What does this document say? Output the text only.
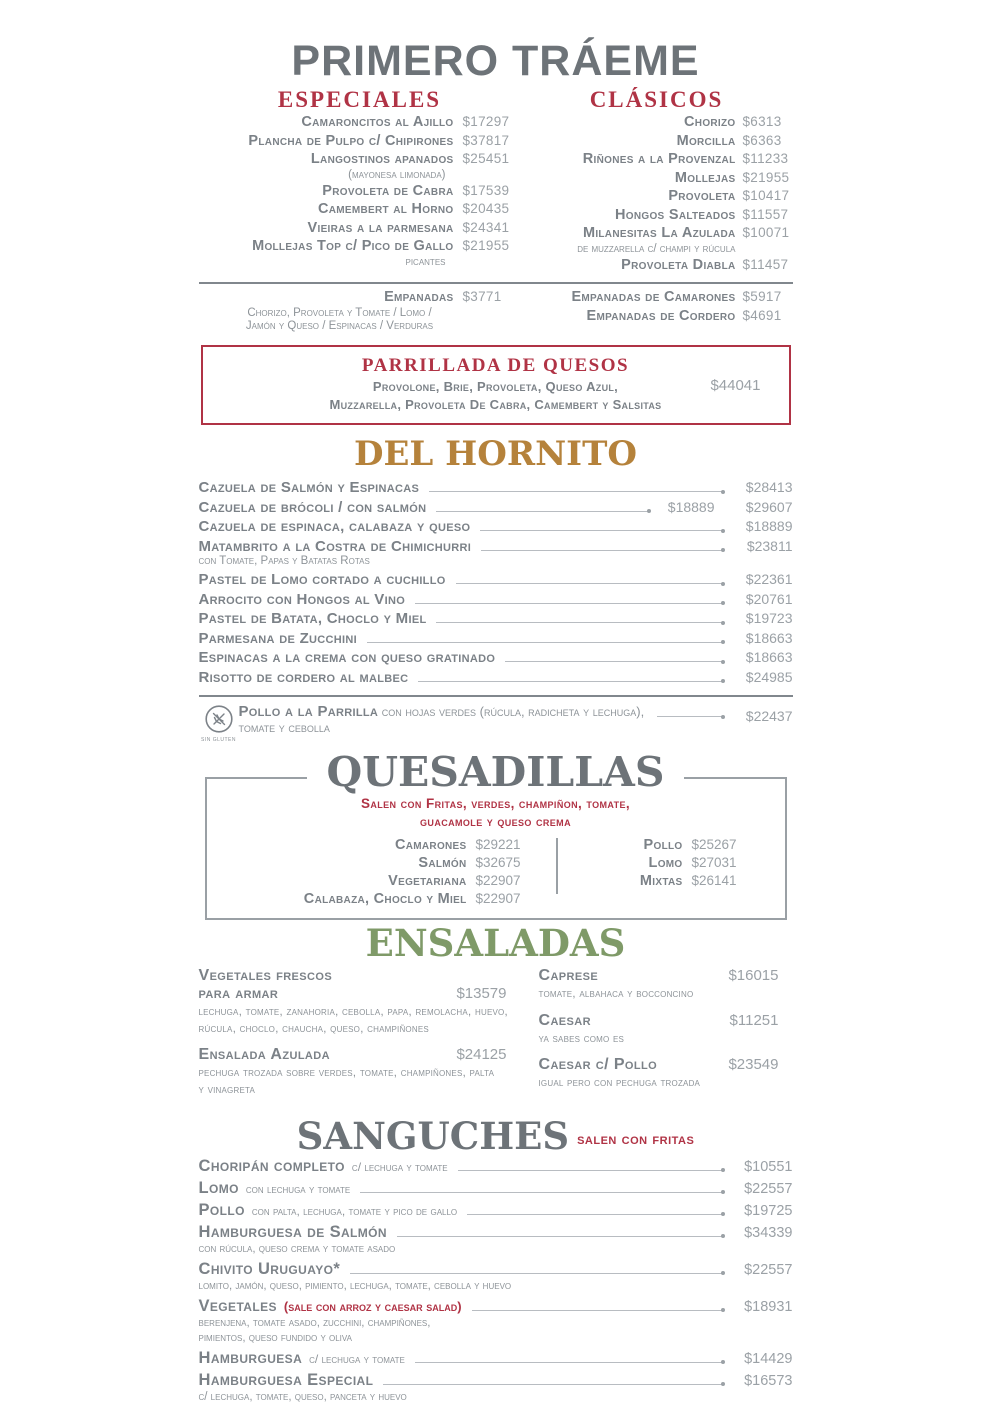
PRIMERO TRÁEME
ESPECIALES	CLÁSICOS
Camaroncitos al Ajillo $17297
Plancha de Pulpo c/ Chipirones $37817
Langostinos apanados $25451
(mayonesa limonada)
Provoleta de Cabra $17539
Camembert al Horno $20435
Vieiras a la parmesana $24341
Mollejas Top c/ Pico de Gallo $21955
picantes
Chorizo $6313
Morcilla $6363
Riñones a la Provenzal $11233
Mollejas $21955
Provoleta $10417
Hongos Salteados $11557
Milanesitas La Azulada $10071
de muzzarella c/ champi y rúcula
Provoleta Diabla $11457
Empanadas $3771
Chorizo, Provoleta y Tomate / Lomo /
Jamón y Queso / Espinacas / Verduras
Empanadas de Camarones $5917
Empanadas de Cordero $4691
PARRILLADA DE QUESOS
Provolone, Brie, Provoleta, Queso Azul,
Muzzarella, Provoleta De Cabra, Camembert y Salsitas
$44041
DEL HORNITO
Cazuela de Salmón y Espinacas	$28413
Cazuela de brócoli / con salmón	$18889	$29607
Cazuela de espinaca, calabaza y queso	$18889
Matambrito a la Costra de Chimichurri	$23811
con Tomate, Papas y Batatas Rotas
Pastel de Lomo cortado a cuchillo	$22361
Arrocito con Hongos al Vino	$20761
Pastel de Batata, Choclo y Miel	$19723
Parmesana de Zucchini	$18663
Espinacas a la crema con queso gratinado	$18663
Risotto de cordero al malbec	$24985
SIN GLUTEN
Pollo a la Parrilla con hojas verdes (rúcula, radicheta y lechuga), tomate y cebolla
$22437
QUESADILLAS
Salen con Fritas, verdes, champiñon, tomate,
guacamole y queso crema
Camarones $29221
Salmón $32675
Vegetariana $22907
Calabaza, Choclo y Miel $22907
Pollo $25267
Lomo $27031
Mixtas $26141
ENSALADAS
Vegetales frescos
para armar	$13579
lechuga, tomate, zanahoria, cebolla, papa, remolacha, huevo, rúcula, choclo, chaucha, queso, champiñones
Ensalada Azulada	$24125
pechuga trozada sobre verdes, tomate, champiñones, palta y vinagreta
Caprese	$16015
tomate, albahaca y bocconcino
Caesar	$11251
ya sabes como es
Caesar c/ Pollo	$23549
igual pero con pechuga trozada
SANGUCHES salen con fritas
Choripán completo c/ lechuga y tomate	$10551
Lomo con lechuga y tomate	$22557
Pollo con palta, lechuga, tomate y pico de gallo	$19725
Hamburguesa de Salmón	$34339
con rúcula, queso crema y tomate asado
Chivito Uruguayo*	$22557
lomito, jamón, queso, pimiento, lechuga, tomate, cebolla y huevo
Vegetales (sale con arroz y caesar salad)	$18931
berenjena, tomate asado, zucchini, champiñones,
pimientos, queso fundido y oliva
Hamburguesa c/ lechuga y tomate	$14429
Hamburguesa Especial	$16573
c/ lechuga, tomate, queso, panceta y huevo
